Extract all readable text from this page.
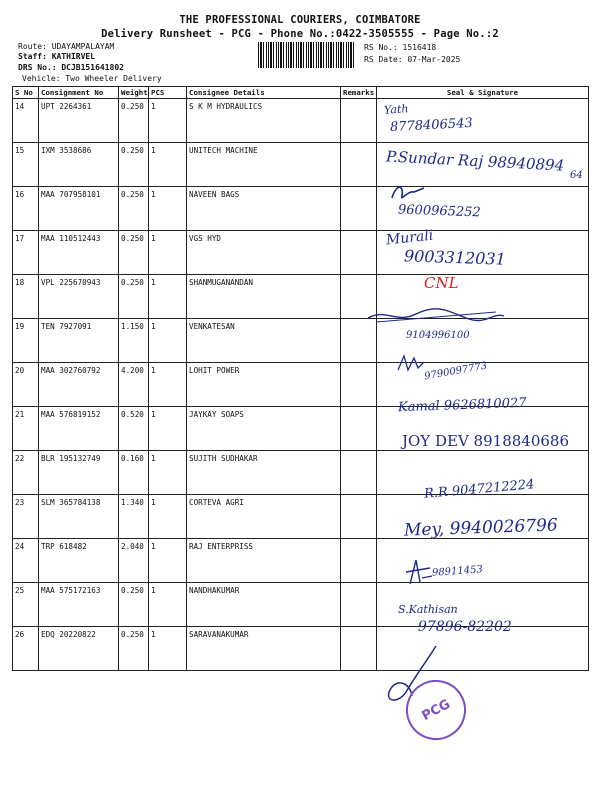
THE PROFESSIONAL COURIERS, COIMBATORE
Delivery Runsheet - PCG - Phone No.:0422-3505555 - Page No.:2
Route: UDAYAMPALAYAM
Staff: KATHIRVEL
DRS No.: DCJB151641802
Vehicle: Two Wheeler Delivery
RS No.: 1516418
RS Date: 07-Mar-2025
S No	Consignment No	Weight	PCS	Consignee Details	Remarks	Seal & Signature
14	UPT 2264361	0.250	1	S K M HYDRAULICS		
15	IXM 3538686	0.250	1	UNITECH MACHINE		
16	MAA 707958101	0.250	1	NAVEEN BAGS		
17	MAA 110512443	0.250	1	VGS HYD		
18	VPL 225670943	0.250	1	SHANMUGANANDAN		
19	TEN 7927091	1.150	1	VENKATESAN		
20	MAA 302760792	4.200	1	LOHIT POWER		
21	MAA 576819152	0.520	1	JAYKAY SOAPS		
22	BLR 195132749	0.160	1	SUJITH SUDHAKAR		
23	SLM 365784138	1.340	1	CORTEVA AGRI		
24	TRP 618482	2.040	1	RAJ ENTERPRISS		
25	MAA 575172163	0.250	1	NANDHAKUMAR		
26	EDQ 20220822	0.250	1	SARAVANAKUMAR		
Yath
8778406543
P.Sundar Raj 98940894
64
9600965252
Murali
9003312031
CNL
9104996100
9790097773
Kamal 9626810027
JOY DEV 8918840686
R.R 9047212224
Mey, 9940026796
98911453
S.Kathisan
97896-82202
PCG
